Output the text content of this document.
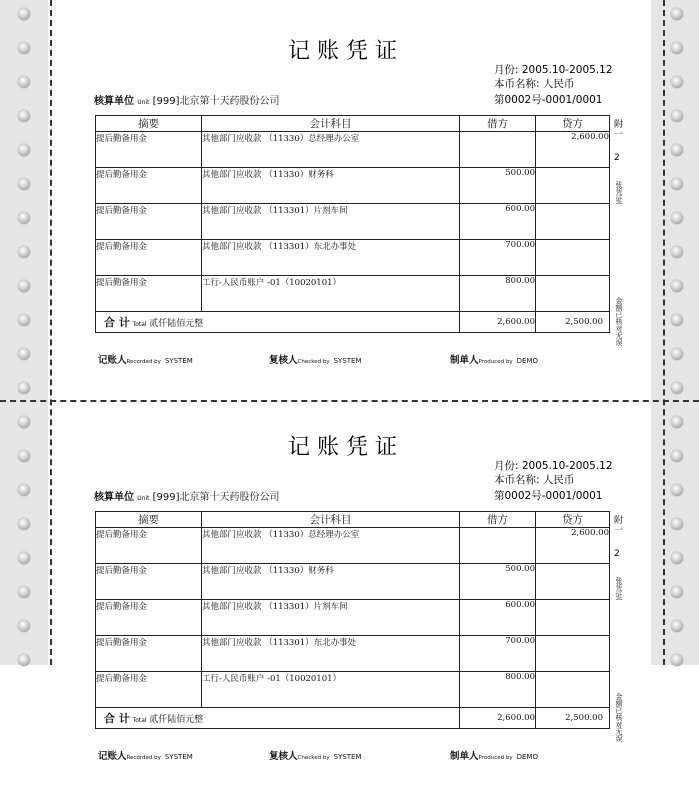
记账凭证
月份: 2005.10-2005.12
本币名称: 人民币
第0002号-0001/0001
核算单位 Unit [999]北京第十天药股份公司
摘要	会计科目	借方	贷方
提后勤备用金	其他部门应收款 （11330）总经理办公室		2,600.00
提后勤备用金	其他部门应收款 （11330）财务科	500.00	
提后勤备用金	其他部门应收款 （113301）片剂车间	600.00	
提后勤备用金	其他部门应收款 （113301）东北办事处	700.00	
提后勤备用金	工行-人民币账户 -01（10020101）	800.00	
合 计 Total 贰仟陆佰元整		2,600.00	2,500.00
附
一
2
张凭证(
金额已核对无误
记账人Recorded by SYSTEM	复核人Checked by SYSTEM	制单人Produced by DEMO
记账凭证
月份: 2005.10-2005.12
本币名称: 人民币
第0002号-0001/0001
核算单位 Unit [999]北京第十天药股份公司
摘要	会计科目	借方	贷方
提后勤备用金	其他部门应收款 （11330）总经理办公室		2,600.00
提后勤备用金	其他部门应收款 （11330）财务科	500.00	
提后勤备用金	其他部门应收款 （113301）片剂车间	600.00	
提后勤备用金	其他部门应收款 （113301）东北办事处	700.00	
提后勤备用金	工行-人民币账户 -01（10020101）	800.00	
合 计 Total 贰仟陆佰元整		2,600.00	2,500.00
附
一
2
张凭证(
金额已核对无误
记账人Recorded by SYSTEM	复核人Checked by SYSTEM	制单人Produced by DEMO
